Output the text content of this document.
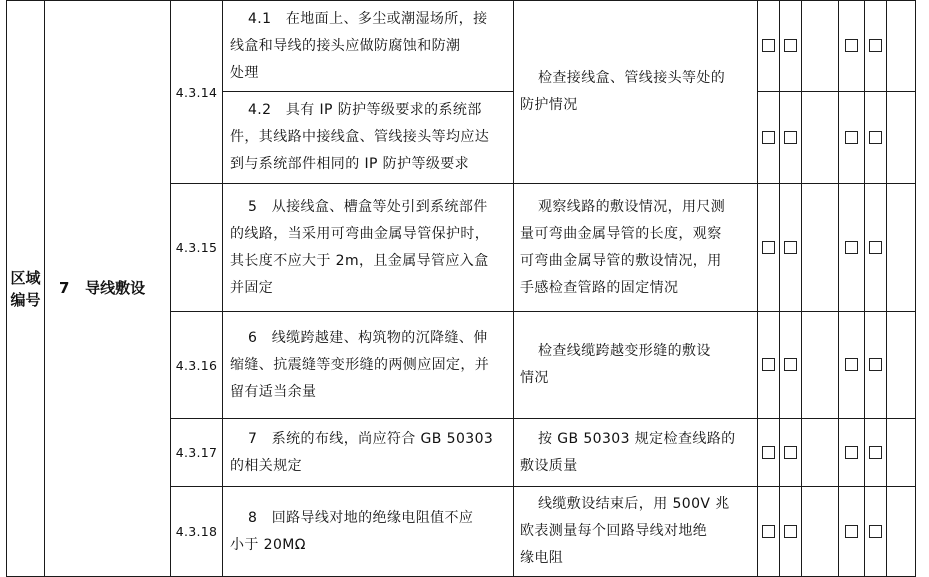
区域
编号	7 导线敷设	4.3.14	4.1　在地面上、多尘或潮湿场所，接
线盒和导线的接头应做防腐蚀和防潮
处理	检查接线盒、管线接头等处的
防护情况						

			4.2　具有 IP 防护等级要求的系统部
件，其线路中接线盒、管线接头等均应达
到与系统部件相同的 IP 防护等级要求							

		4.3.15	5　从接线盒、槽盒等处引到系统部件
的线路，当采用可弯曲金属导管保护时，
其长度不应大于 2m，且金属导管应入盒
并固定	观察线路的敷设情况，用尺测
量可弯曲金属导管的长度，观察
可弯曲金属导管的敷设情况，用
手感检查管路的固定情况						

		4.3.16	6　线缆跨越建、构筑物的沉降缝、伸
缩缝、抗震缝等变形缝的两侧应固定，并
留有适当余量	检查线缆跨越变形缝的敷设
情况						

		4.3.17	7　系统的布线，尚应符合 GB 50303
的相关规定	按 GB 50303 规定检查线路的
敷设质量						

		4.3.18	8　回路导线对地的绝缘电阻值不应
小于 20MΩ	线缆敷设结束后，用 500V 兆
欧表测量每个回路导线对地绝
缘电阻						
